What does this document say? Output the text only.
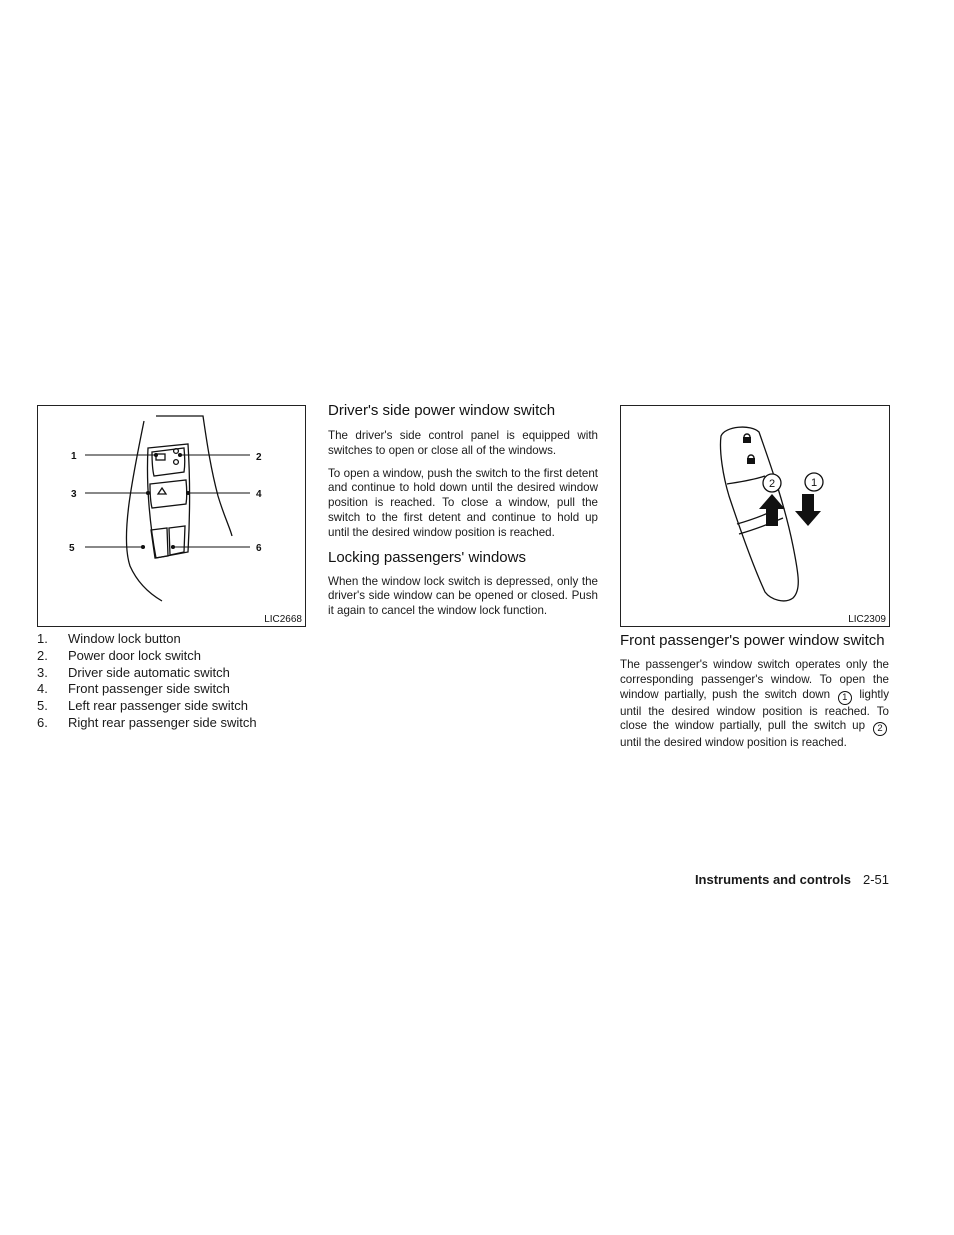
1	2
3	4
5	6
LIC2668
1.	Window lock button
2.	Power door lock switch
3.	Driver side automatic switch
4.	Front passenger side switch
5.	Left rear passenger side switch
6.	Right rear passenger side switch
Driver's side power window switch

The driver's side control panel is equipped with switches to open or close all of the windows.

To open a window, push the switch to the first detent and continue to hold down until the desired window position is reached. To close a window, pull the switch to the first detent and continue to hold up until the desired window position is reached.

Locking passengers' windows

When the window lock switch is depressed, only the driver's side window can be opened or closed. Push it again to cancel the window lock function.

2	1
LIC2309
Front passenger's power window switch

The passenger's window switch operates only the corresponding passenger's window. To open the window partially, push the switch down 1 lightly until the desired window position is reached. To close the window partially, pull the switch up 2 until the desired window position is reached.

Instruments and controls 2-51
